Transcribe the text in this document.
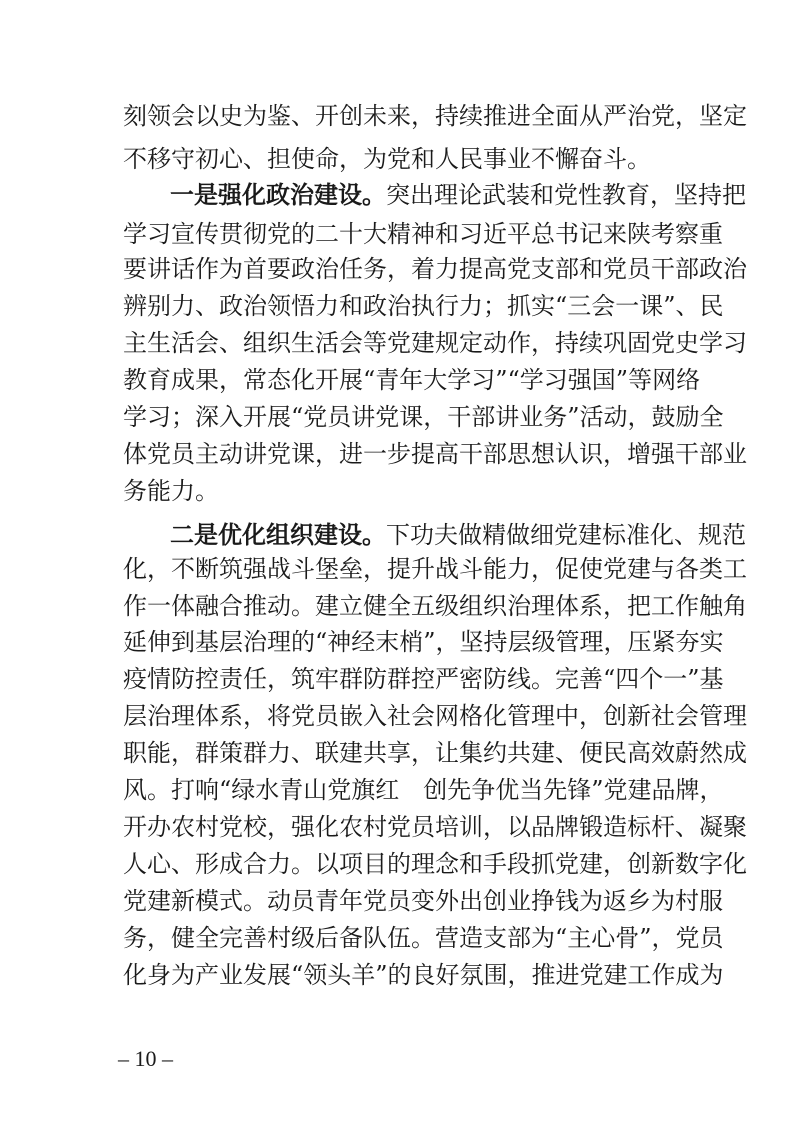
刻领会以史为鉴、开创未来，持续推进全面从严治党，坚定
不移守初心、担使命，为党和人民事业不懈奋斗。
一是强化政治建设。突出理论武装和党性教育，坚持把
学习宣传贯彻党的二十大精神和习近平总书记来陕考察重
要讲话作为首要政治任务，着力提高党支部和党员干部政治
辨别力、政治领悟力和政治执行力；抓实“三会一课”、民
主生活会、组织生活会等党建规定动作，持续巩固党史学习
教育成果，常态化开展“青年大学习”“学习强国”等网络
学习；深入开展“党员讲党课，干部讲业务”活动，鼓励全
体党员主动讲党课，进一步提高干部思想认识，增强干部业
务能力。
二是优化组织建设。下功夫做精做细党建标准化、规范
化，不断筑强战斗堡垒，提升战斗能力，促使党建与各类工
作一体融合推动。建立健全五级组织治理体系，把工作触角
延伸到基层治理的“神经末梢”，坚持层级管理，压紧夯实
疫情防控责任，筑牢群防群控严密防线。完善“四个一”基
层治理体系，将党员嵌入社会网格化管理中，创新社会管理
职能，群策群力、联建共享，让集约共建、便民高效蔚然成
风。打响“绿水青山党旗红　创先争优当先锋”党建品牌，
开办农村党校，强化农村党员培训，以品牌锻造标杆、凝聚
人心、形成合力。以项目的理念和手段抓党建，创新数字化
党建新模式。动员青年党员变外出创业挣钱为返乡为村服
务，健全完善村级后备队伍。营造支部为“主心骨”，党员
化身为产业发展“领头羊”的良好氛围，推进党建工作成为
– 10 –
